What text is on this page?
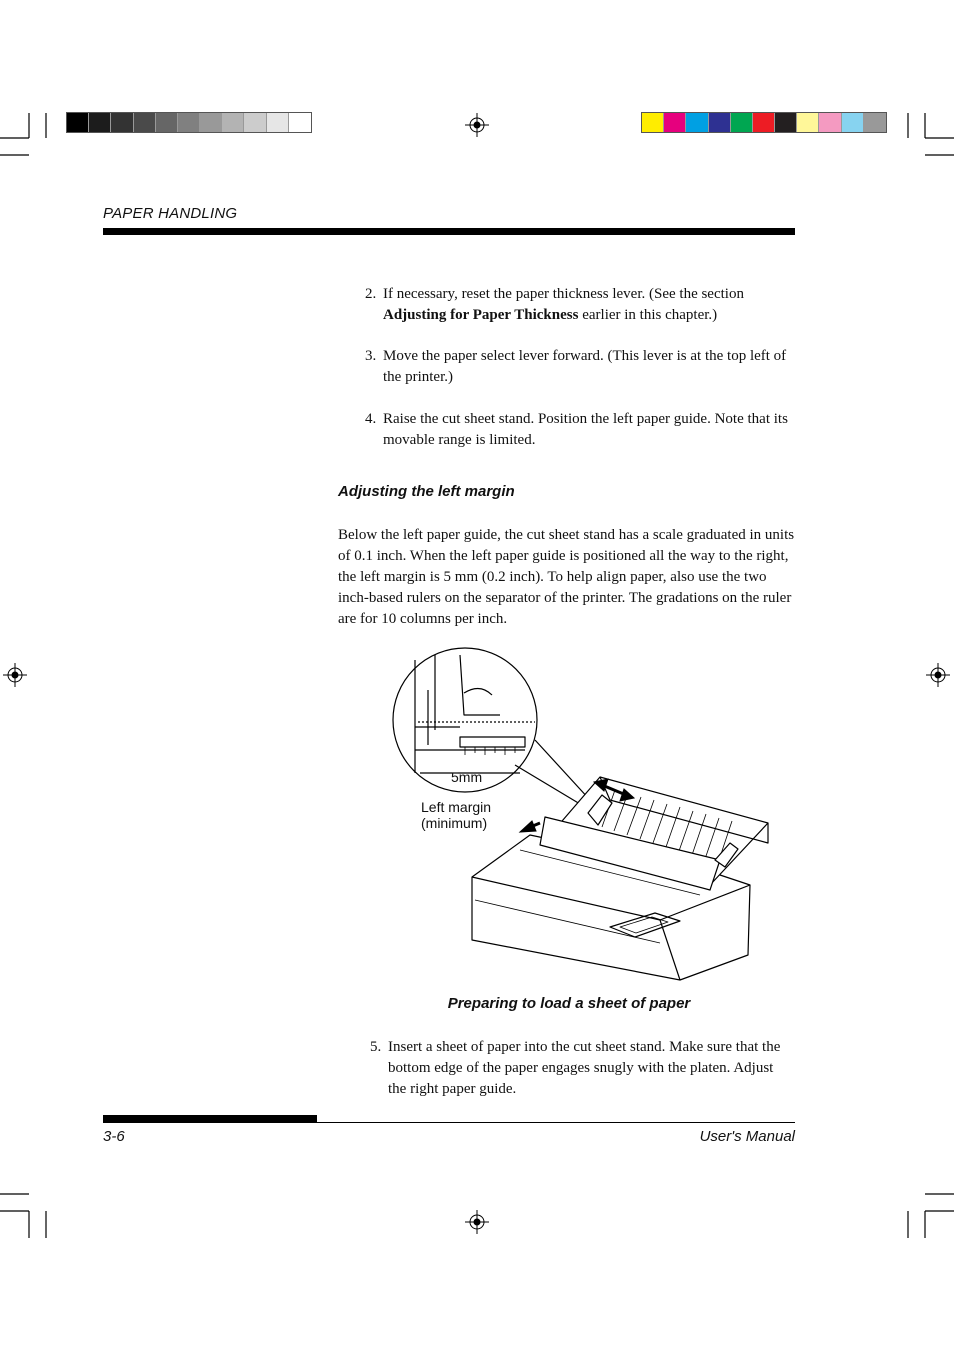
PAPER HANDLING
2. If necessary, reset the paper thickness lever. (See the section Adjusting for Paper Thickness earlier in this chapter.)
3. Move the paper select lever forward. (This lever is at the top left of the printer.)
4. Raise the cut sheet stand. Position the left paper guide. Note that its movable range is limited.
Adjusting the left margin
Below the left paper guide, the cut sheet stand has a scale graduated in units of 0.1 inch. When the left paper guide is positioned all the way to the right, the left margin is 5 mm (0.2 inch). To help align paper, also use the two inch-based rulers on the separator of the printer. The gradations on the ruler are for 10 columns per inch.
5mm
Left margin
(minimum)
Preparing to load a sheet of paper
5. Insert a sheet of paper into the cut sheet stand. Make sure that the bottom edge of the paper engages snugly with the platen. Adjust the right paper guide.
3-6	User's Manual
